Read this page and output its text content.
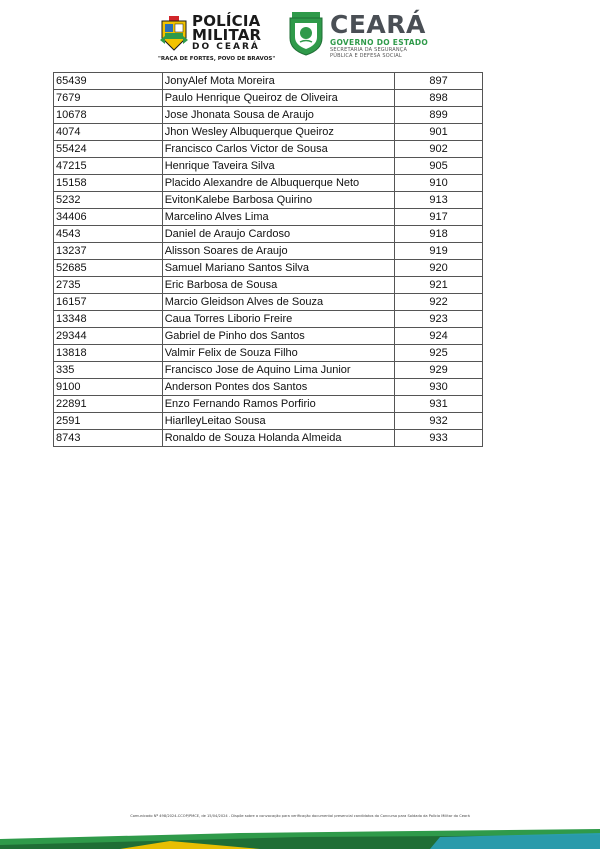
POLÍCIA
MILITAR
DO CEARÁ
"RAÇA DE FORTES, POVO DE BRAVOS"
CEARÁ
GOVERNO DO ESTADO
SECRETARIA DA SEGURANÇA
PÚBLICA E DEFESA SOCIAL
65439	JonyAlef Mota Moreira	897
7679	Paulo Henrique Queiroz de Oliveira	898
10678	Jose Jhonata Sousa de Araujo	899
4074	Jhon Wesley Albuquerque Queiroz	901
55424	Francisco Carlos Victor de Sousa	902
47215	Henrique Taveira Silva	905
15158	Placido Alexandre de Albuquerque Neto	910
5232	EvitonKalebe Barbosa Quirino	913
34406	Marcelino Alves Lima	917
4543	Daniel de Araujo Cardoso	918
13237	Alisson Soares de Araujo	919
52685	Samuel Mariano Santos Silva	920
2735	Eric Barbosa de Sousa	921
16157	Marcio Gleidson Alves de Souza	922
13348	Caua Torres Liborio Freire	923
29344	Gabriel de Pinho dos Santos	924
13818	Valmir Felix de Souza Filho	925
335	Francisco Jose de Aquino Lima Junior	929
9100	Anderson Pontes dos Santos	930
22891	Enzo Fernando Ramos Porfirio	931
2591	HiarlleyLeitao Sousa	932
8743	Ronaldo de Souza Holanda Almeida	933
Comunicado Nº 498/2024-CCOP/PMCE, de 15/04/2024 - Dispõe sobre a convocação para verificação documental presencial candidatos do Concurso para Soldado da Polícia Militar do Ceará
